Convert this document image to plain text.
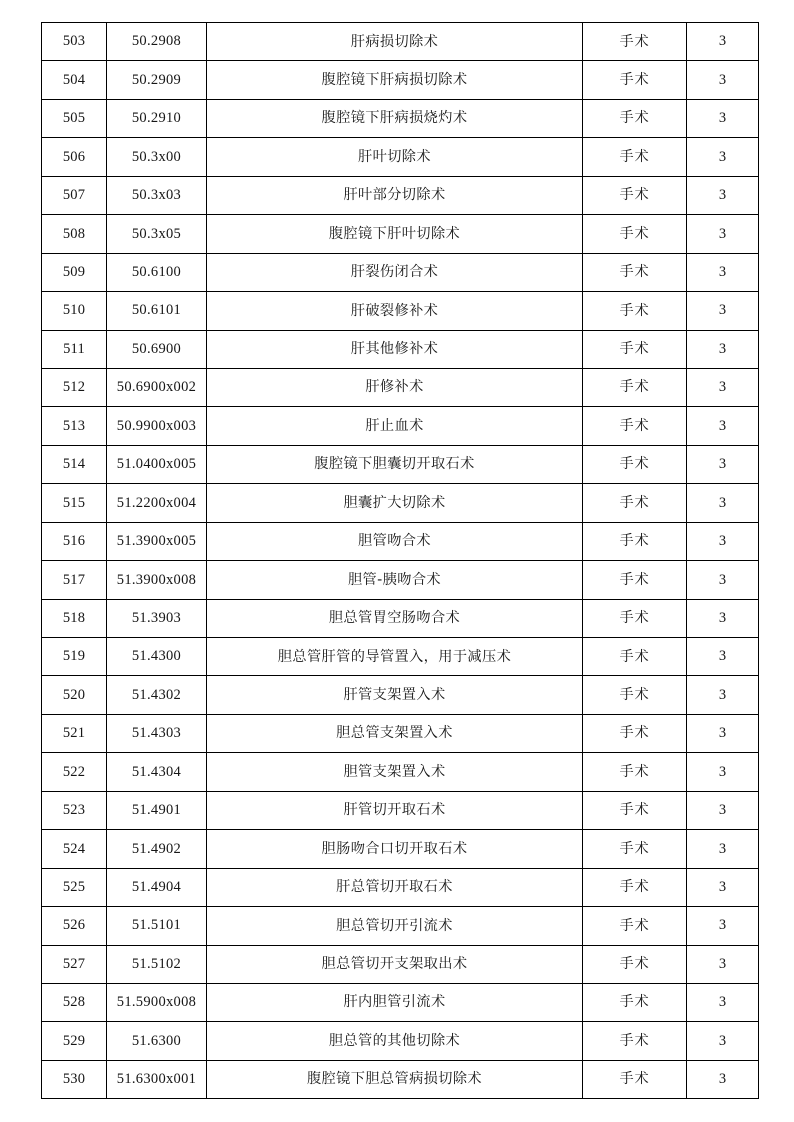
503	50.2908	肝病损切除术	手术	3
504	50.2909	腹腔镜下肝病损切除术	手术	3
505	50.2910	腹腔镜下肝病损烧灼术	手术	3
506	50.3x00	肝叶切除术	手术	3
507	50.3x03	肝叶部分切除术	手术	3
508	50.3x05	腹腔镜下肝叶切除术	手术	3
509	50.6100	肝裂伤闭合术	手术	3
510	50.6101	肝破裂修补术	手术	3
511	50.6900	肝其他修补术	手术	3
512	50.6900x002	肝修补术	手术	3
513	50.9900x003	肝止血术	手术	3
514	51.0400x005	腹腔镜下胆囊切开取石术	手术	3
515	51.2200x004	胆囊扩大切除术	手术	3
516	51.3900x005	胆管吻合术	手术	3
517	51.3900x008	胆管-胰吻合术	手术	3
518	51.3903	胆总管胃空肠吻合术	手术	3
519	51.4300	胆总管肝管的导管置入，用于减压术	手术	3
520	51.4302	肝管支架置入术	手术	3
521	51.4303	胆总管支架置入术	手术	3
522	51.4304	胆管支架置入术	手术	3
523	51.4901	肝管切开取石术	手术	3
524	51.4902	胆肠吻合口切开取石术	手术	3
525	51.4904	肝总管切开取石术	手术	3
526	51.5101	胆总管切开引流术	手术	3
527	51.5102	胆总管切开支架取出术	手术	3
528	51.5900x008	肝内胆管引流术	手术	3
529	51.6300	胆总管的其他切除术	手术	3
530	51.6300x001	腹腔镜下胆总管病损切除术	手术	3
